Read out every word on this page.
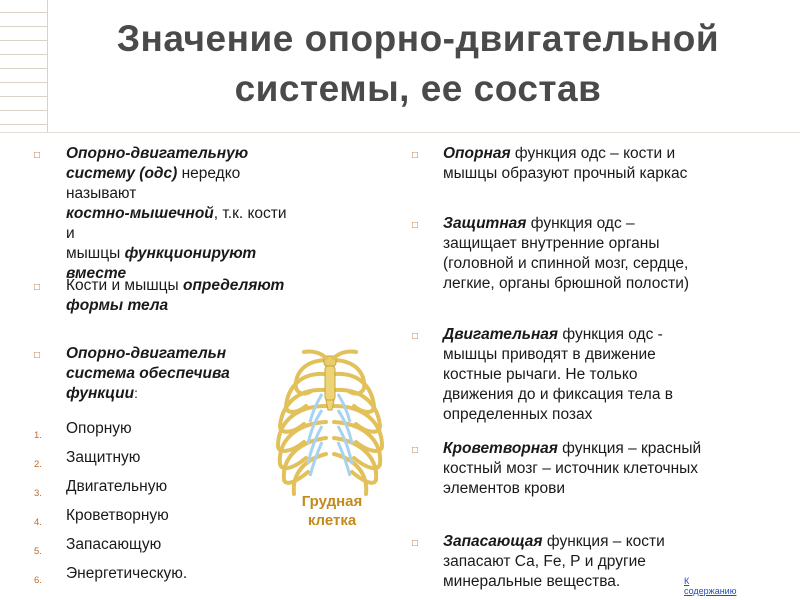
Значение опорно-двигательной
системы, ее состав
□ Опорно-двигательную
систему (одс) нередко называют
костно-мышечной, т.к. кости и
мышцы функционируют
вместе
□ Кости и мышцы определяют
формы тела
□ Опорно-двигательн
система обеспечива
функции:
1. Опорную
2. Защитную
3. Двигательную
4. Кроветворную
5. Запасающую
6. Энергетическую.
Грудная
клетка
□ Опорная функция одс – кости и
мышцы образуют прочный каркас
□ Защитная функция одс –
защищает внутренние органы
(головной и спинной мозг, сердце,
легкие, органы брюшной полости)
□ Двигательная функция одс -
мышцы приводят в движение
костные рычаги. Не только
движения до и фиксация тела в
определенных позах
□ Кроветворная функция – красный
костный мозг – источник клеточных
элементов крови
□ Запасающая функция – кости
запасают Са, Fe, Р и другие
минеральные вещества.	К
содержанию
